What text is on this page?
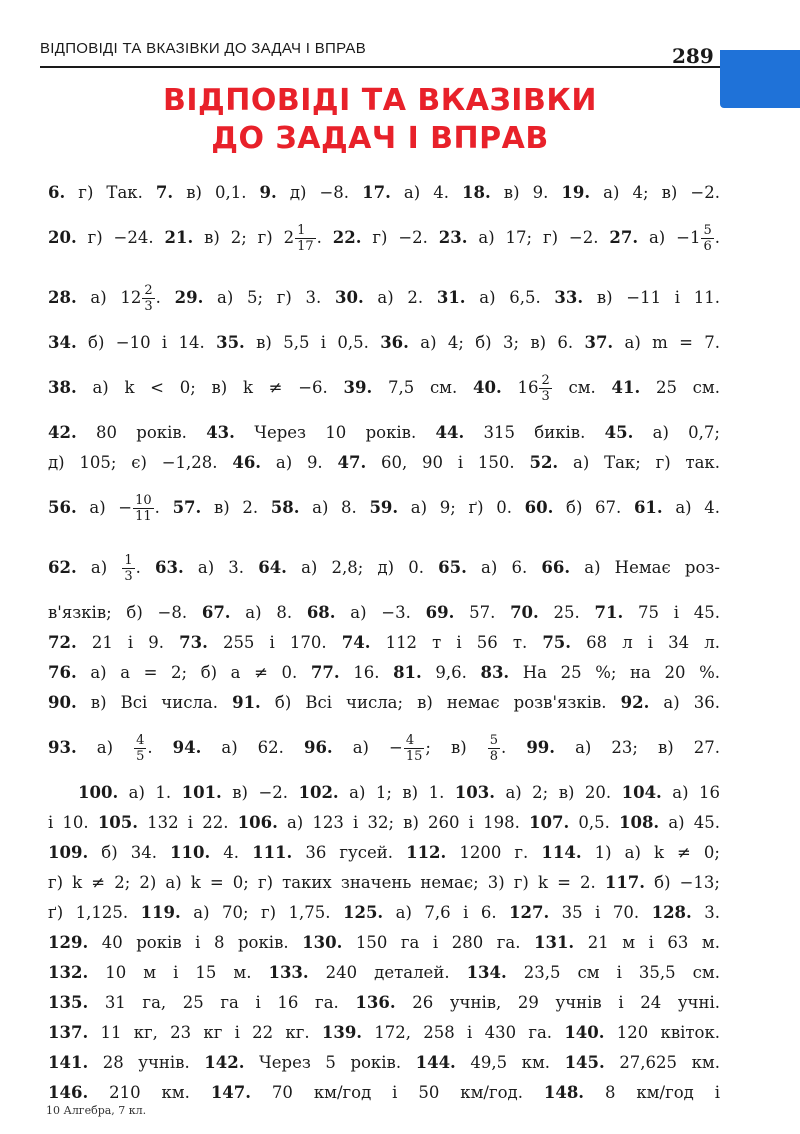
ВІДПОВІДІ ТА ВКАЗІВКИ ДО ЗАДАЧ І ВПРАВ	289
ВІДПОВІДІ ТА ВКАЗІВКИ
ДО ЗАДАЧ І ВПРАВ
6. г) Так. 7. в) 0,1. 9. д) −8. 17. а) 4. 18. в) 9. 19. а) 4; в) −2.
20. г) −24. 21. в) 2; г) $2 \frac{1}{17}$ . 22. г) −2. 23. а) 17; г) −2. 27. $а) -1 \frac{5}{6}$ .
28. а) $12 \frac{2}{3}$ . 29. а) 5; г) 3. 30. а) 2. 31. а) 6,5. 33. в) −11 і 11.
34. б) −10 і 14. 35. в) 5,5 і 0,5. 36. а) 4; б) 3; в) 6. 37. а) m = 7.
38. а) k < 0; в) k ≠ −6. 39. 7,5 см. 40. $16 \frac{2}{3}$ см. 41. 25 см.
42. 80 років. 43. Через 10 років. 44. 315 биків. 45. а) 0,7;
д) 105; є) −1,28. 46. а) 9. 47. 60, 90 і 150. 52. а) Так; г) так.
56. $а) - \frac{10}{11}$ . 57. в) 2. 58. а) 8. 59. а) 9; ґ) 0. 60. б) 67. 61. а) 4.
62. $а) \frac{1}{3}$ . 63. а) 3. 64. а) 2,8; д) 0. 65. а) 6. 66. а) Немає роз-
в'язків; б) −8. 67. а) 8. 68. а) −3. 69. 57. 70. 25. 71. 75 і 45.
72. 21 і 9. 73. 255 і 170. 74. 112 т і 56 т. 75. 68 л і 34 л.
76. а) a = 2; б) a ≠ 0. 77. 16. 81. 9,6. 83. На 25 %; на 20 %.
90. в) Всі числа. 91. б) Всі числа; в) немає розв'язків. 92. а) 36.
93. $а) \frac{4}{5}$ . 94. а) 62. 96. $а) - \frac{4}{15}$ ; $в) \frac{5}{8}$ . 99. а) 23; в) 27.
100. а) 1. 101. в) −2. 102. а) 1; в) 1. 103. а) 2; в) 20. 104. а) 16
і 10. 105. 132 і 22. 106. а) 123 і 32; в) 260 і 198. 107. 0,5. 108. а) 45.
109. б) 34. 110. 4. 111. 36 гусей. 112. 1200 г. 114. 1) а) k ≠ 0;
г) k ≠ 2; 2) а) k = 0; г) таких значень немає; 3) г) k = 2. 117. б) −13;
ґ) 1,125. 119. а) 70; г) 1,75. 125. а) 7,6 і 6. 127. 35 і 70. 128. 3.
129. 40 років і 8 років. 130. 150 га і 280 га. 131. 21 м і 63 м.
132. 10 м і 15 м. 133. 240 деталей. 134. 23,5 см і 35,5 см.
135. 31 га, 25 га і 16 га. 136. 26 учнів, 29 учнів і 24 учні.
137. 11 кг, 23 кг і 22 кг. 139. 172, 258 і 430 га. 140. 120 квіток.
141. 28 учнів. 142. Через 5 років. 144. 49,5 км. 145. 27,625 км.
146. 210 км. 147. 70 км/год і 50 км/год. 148. 8 км/год і
10 Алгебра, 7 кл.
